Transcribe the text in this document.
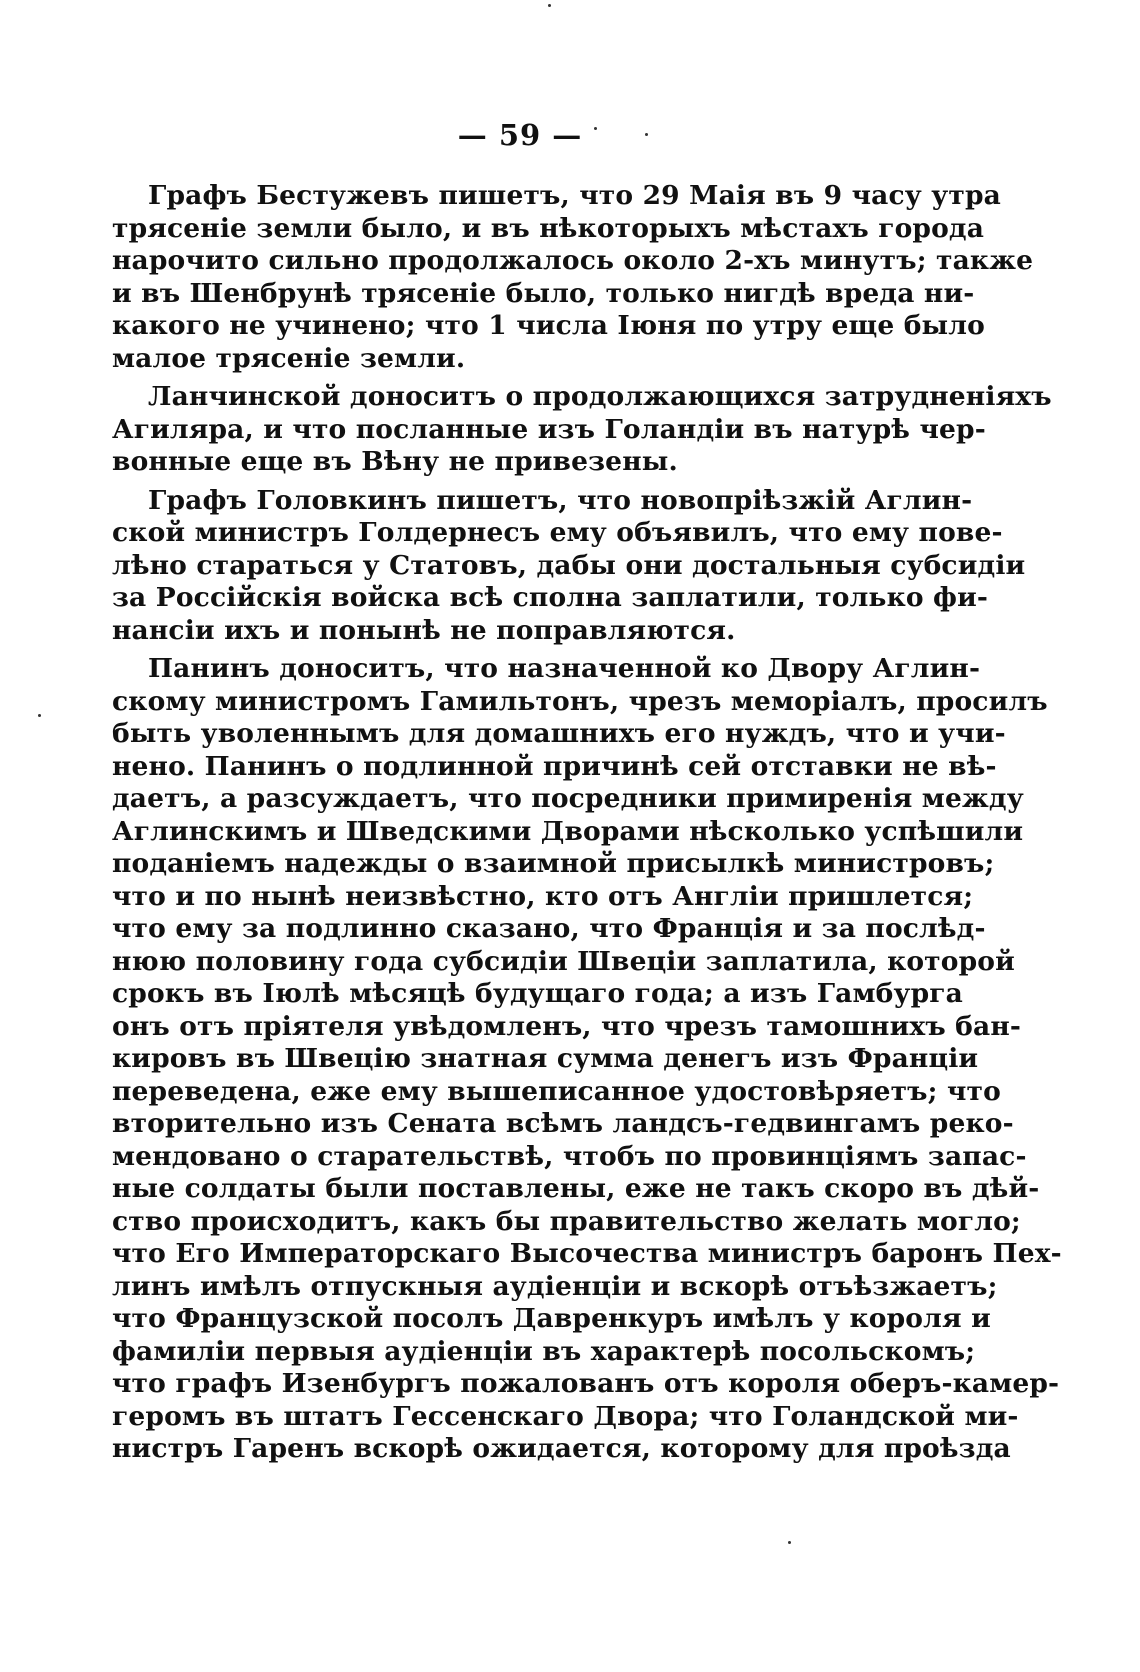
— 59 —
Графъ Бестужевъ пишетъ, что 29 Маія въ 9 часу утра
трясеніе земли было, и въ нѣкоторыхъ мѣстахъ города
нарочито сильно продолжалось около 2-хъ минутъ; также
и въ Шенбрунѣ трясеніе было, только нигдѣ вреда ни-
какого не учинено; что 1 числа Іюня по утру еще было
малое трясеніе земли.
Ланчинской доноситъ о продолжающихся затрудненіяхъ
Агиляра, и что посланные изъ Голандіи въ натурѣ чер-
вонные еще въ Вѣну не привезены.
Графъ Головкинъ пишетъ, что новопріѣзжій Аглин-
ской министръ Голдернесъ ему объявилъ, что ему пове-
лѣно стараться у Статовъ, дабы они достальныя субсидіи
за Россійскія войска всѣ сполна заплатили, только фи-
нансіи ихъ и понынѣ не поправляются.
Панинъ доноситъ, что назначенной ко Двору Аглин-
скому министромъ Гамильтонъ, чрезъ меморіалъ, просилъ
быть уволеннымъ для домашнихъ его нуждъ, что и учи-
нено. Панинъ о подлинной причинѣ сей отставки не вѣ-
даетъ, а разсуждаетъ, что посредники примиренія между
Аглинскимъ и Шведскими Дворами нѣсколько успѣшили
поданіемъ надежды о взаимной присылкѣ министровъ;
что и по нынѣ неизвѣстно, кто отъ Англіи пришлется;
что ему за подлинно сказано, что Францiя и за послѣд-
нюю половину года субсидіи Швеціи заплатила, которой
срокъ въ Іюлѣ мѣсяцѣ будущаго года; а изъ Гамбурга
онъ отъ пріятеля увѣдомленъ, что чрезъ тамошнихъ бан-
кировъ въ Швецію знатная сумма денегъ изъ Франціи
переведена, еже ему вышеписанное удостовѣряетъ; что
вторительно изъ Сената всѣмъ ландсъ-гедвингамъ реко-
мендовано о старательствѣ, чтобъ по провинціямъ запас-
ные солдаты были поставлены, еже не такъ скоро въ дѣй-
ство происходитъ, какъ бы правительство желать могло;
что Его Императорскаго Высочества министръ баронъ Пех-
линъ имѣлъ отпускныя аудіенціи и вскорѣ отъѣзжаетъ;
что Французской посолъ Давренкуръ имѣлъ у короля и
фамиліи первыя аудіенціи въ характерѣ посольскомъ;
что графъ Изенбургъ пожалованъ отъ короля оберъ-камер-
геромъ въ штатъ Гессенскаго Двора; что Голандской ми-
нистръ Гаренъ вскорѣ ожидается, которому для проѣзда
